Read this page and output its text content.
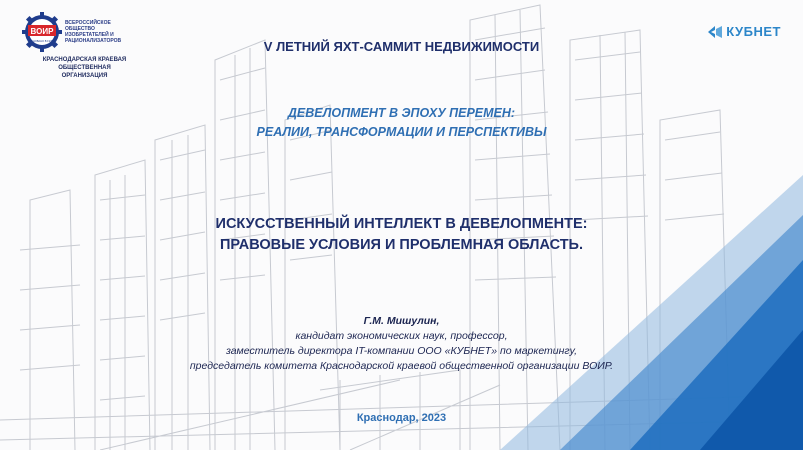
ВОИР
ОСНОВАНО В 1932 г.
ВСЕРОССИЙСКОЕ
ОБЩЕСТВО
ИЗОБРЕТАТЕЛЕЙ И
РАЦИОНАЛИЗАТОРОВ
КРАСНОДАРСКАЯ КРАЕВАЯ ОБЩЕСТВЕННАЯ
ОРГАНИЗАЦИЯ
КУБНЕТ
V ЛЕТНИЙ ЯХТ-САММИТ НЕДВИЖИМОСТИ
ДЕВЕЛОПМЕНТ В ЭПОХУ ПЕРЕМЕН:
РЕАЛИИ, ТРАНСФОРМАЦИИ И ПЕРСПЕКТИВЫ
ИСКУССТВЕННЫЙ ИНТЕЛЛЕКТ В ДЕВЕЛОПМЕНТЕ:
ПРАВОВЫЕ УСЛОВИЯ И ПРОБЛЕМНАЯ ОБЛАСТЬ.
Г.М. Мишулин,
кандидат экономических наук, профессор,
заместитель директора IT-компании ООО «КУБНЕТ» по маркетингу,
председатель комитета Краснодарской краевой общественной организации ВОИР.
Краснодар, 2023
